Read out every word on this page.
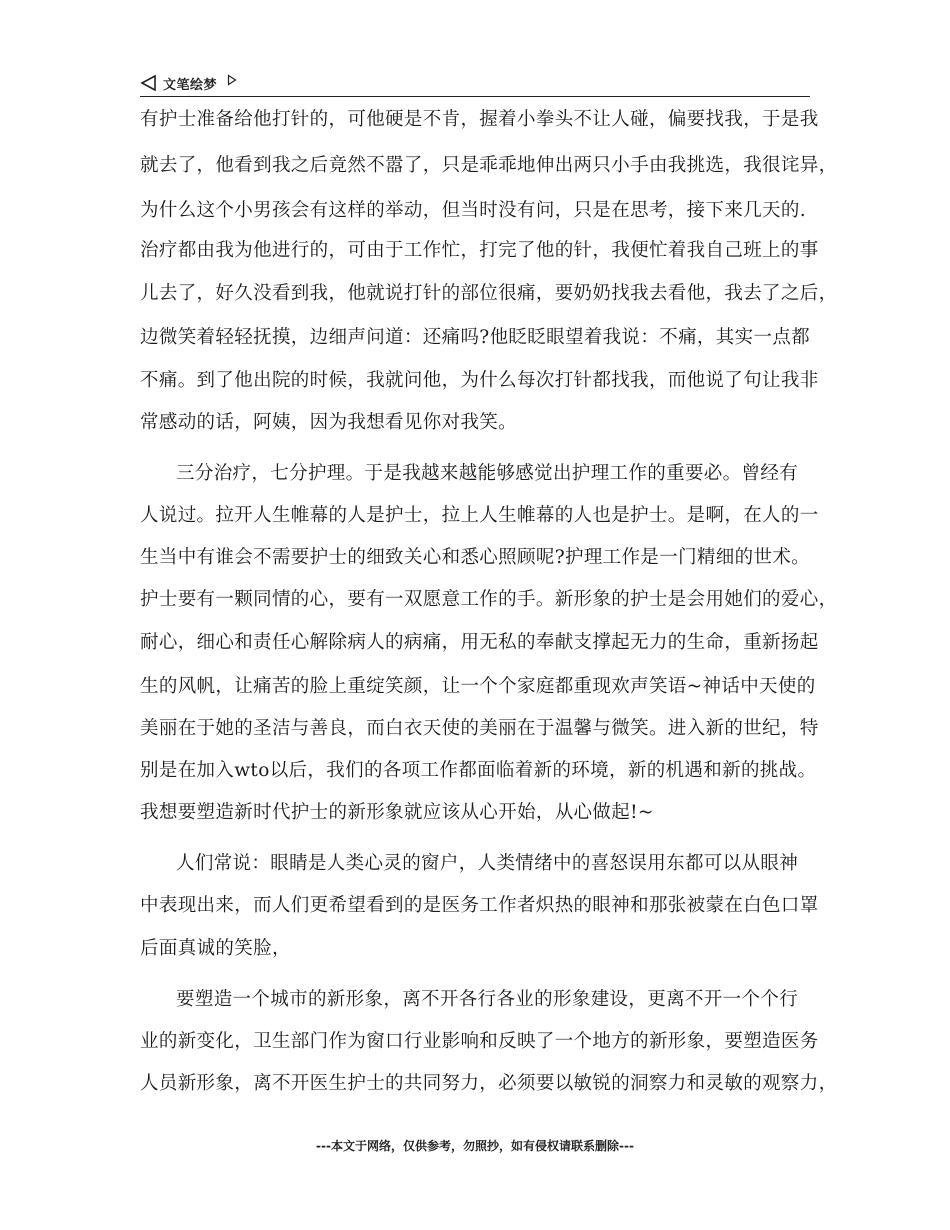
文笔绘梦
有护士准备给他打针的，可他硬是不肯，握着小拳头不让人碰，偏要找我，于是我
就去了，他看到我之后竟然不嚣了，只是乖乖地伸出两只小手由我挑选，我很诧异，
为什么这个小男孩会有这样的举动，但当时没有问，只是在思考，接下来几天的.
治疗都由我为他进行的，可由于工作忙，打完了他的针，我便忙着我自己班上的事
儿去了，好久没看到我，他就说打针的部位很痛，要奶奶找我去看他，我去了之后，
边微笑着轻轻抚摸，边细声问道：还痛吗?他眨眨眼望着我说：不痛，其实一点都
不痛。到了他出院的时候，我就问他，为什么每次打针都找我，而他说了句让我非
常感动的话，阿姨，因为我想看见你对我笑。
三分治疗，七分护理。于是我越来越能够感觉出护理工作的重要必。曾经有
人说过。拉开人生帷幕的人是护士，拉上人生帷幕的人也是护士。是啊，在人的一
生当中有谁会不需要护士的细致关心和悉心照顾呢?护理工作是一门精细的世术。
护士要有一颗同情的心，要有一双愿意工作的手。新形象的护士是会用她们的爱心，
耐心，细心和责任心解除病人的病痛，用无私的奉献支撑起无力的生命，重新扬起
生的风帆，让痛苦的脸上重绽笑颜，让一个个家庭都重现欢声笑语~神话中天使的
美丽在于她的圣洁与善良，而白衣天使的美丽在于温馨与微笑。进入新的世纪，特
别是在加入wto以后，我们的各项工作都面临着新的环境，新的机遇和新的挑战。
我想要塑造新时代护士的新形象就应该从心开始，从心做起!~
人们常说：眼睛是人类心灵的窗户，人类情绪中的喜怒误用东都可以从眼神
中表现出来，而人们更希望看到的是医务工作者炽热的眼神和那张被蒙在白色口罩
后面真诚的笑脸，
要塑造一个城市的新形象，离不开各行各业的形象建设，更离不开一个个行
业的新变化，卫生部门作为窗口行业影响和反映了一个地方的新形象，要塑造医务
人员新形象，离不开医生护士的共同努力，必须要以敏锐的洞察力和灵敏的观察力，
---本文于网络，仅供参考，勿照抄，如有侵权请联系删除---
